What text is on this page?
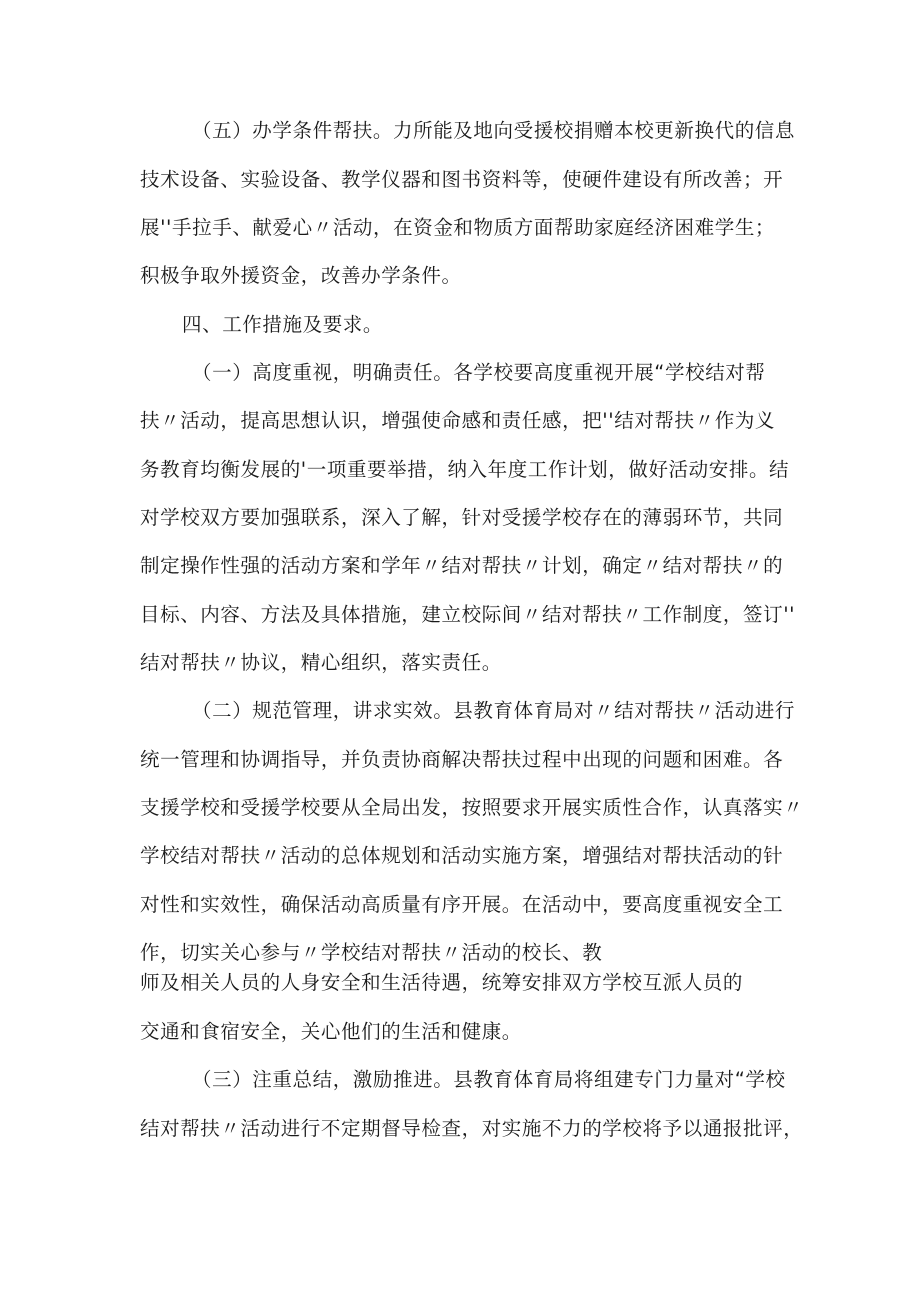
（五）办学条件帮扶。力所能及地向受援校捐赠本校更新换代的信息

技术设备、实验设备、教学仪器和图书资料等，使硬件建设有所改善；开

展''手拉手、献爱心〃活动，在资金和物质方面帮助家庭经济困难学生；

积极争取外援资金，改善办学条件。

四、工作措施及要求。

（一）高度重视，明确责任。各学校要高度重视开展“学校结对帮

扶〃活动，提高思想认识，增强使命感和责任感，把''结对帮扶〃作为义

务教育均衡发展的'一项重要举措，纳入年度工作计划，做好活动安排。结

对学校双方要加强联系，深入了解，针对受援学校存在的薄弱环节，共同

制定操作性强的活动方案和学年〃结对帮扶〃计划，确定〃结对帮扶〃的

目标、内容、方法及具体措施，建立校际间〃结对帮扶〃工作制度，签订''

结对帮扶〃协议，精心组织，落实责任。

（二）规范管理，讲求实效。县教育体育局对〃结对帮扶〃活动进行

统一管理和协调指导，并负责协商解决帮扶过程中出现的问题和困难。各

支援学校和受援学校要从全局出发，按照要求开展实质性合作，认真落实〃

学校结对帮扶〃活动的总体规划和活动实施方案，增强结对帮扶活动的针

对性和实效性，确保活动高质量有序开展。在活动中，要高度重视安全工

作，切实关心参与〃学校结对帮扶〃活动的校长、教

师及相关人员的人身安全和生活待遇，统筹安排双方学校互派人员的

交通和食宿安全，关心他们的生活和健康。

（三）注重总结，激励推进。县教育体育局将组建专门力量对“学校

结对帮扶〃活动进行不定期督导检查，对实施不力的学校将予以通报批评，
